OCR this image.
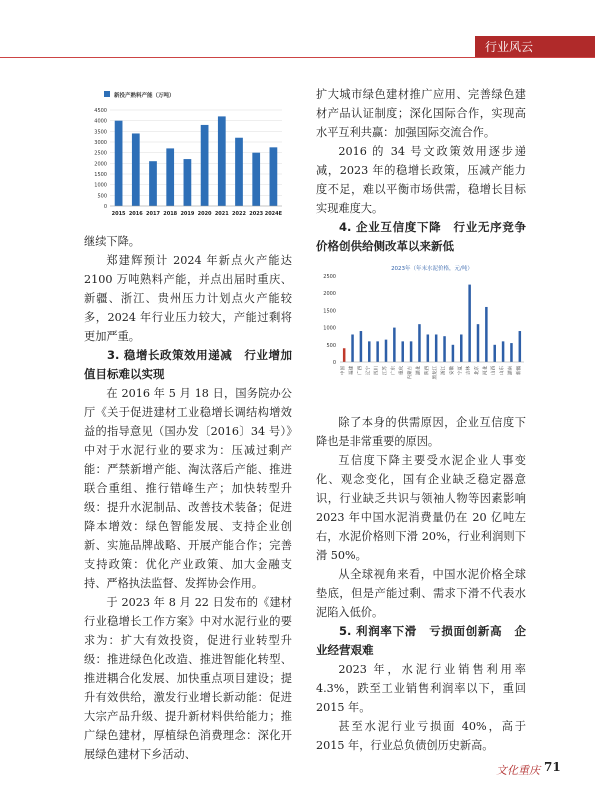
行业风云
新投产熟料产能（万吨）
0
500
1000
1500
2000
2500
3000
3500
4000
4500
2015 2016 2017 2018 2019 2020 2021 2022 2023 2024E

继续下降。

郑建辉预计 2024 年新点火产能达 2100 万吨熟料产能，并点出届时重庆、新疆、浙江、贵州压力计划点火产能较多，2024 年行业压力较大，产能过剩将更加严重。

3. 稳增长政策效用递减　行业增加值目标难以实现

在 2016 年 5 月 18 日，国务院办公厅《关于促进建材工业稳增长调结构增效益的指导意见（国办发〔2016〕34 号）》中对于水泥行业的要求为：压减过剩产能：严禁新增产能、淘汰落后产能、推进联合重组、推行错峰生产；加快转型升级：提升水泥制品、改善技术装备；促进降本增效：绿色智能发展、支持企业创新、实施品牌战略、开展产能合作；完善支持政策：优化产业政策、加大金融支持、严格执法监督、发挥协会作用。

于 2023 年 8 月 22 日发布的《建材行业稳增长工作方案》中对水泥行业的要求为：扩大有效投资，促进行业转型升级：推进绿色化改造、推进智能化转型、推进耦合化发展、加快重点项目建设；提升有效供给，激发行业增长新动能：促进大宗产品升级、提升新材料供给能力；推广绿色建材，厚植绿色消费理念：深化开展绿色建材下乡活动、

扩大城市绿色建材推广应用、完善绿色建材产品认证制度；深化国际合作，实现高水平互利共赢：加强国际交流合作。

2016 的 34 号文政策效用逐步递减，2023 年的稳增长政策，压减产能力度不足，难以平衡市场供需，稳增长目标实现难度大。

4. 企业互信度下降　行业无序竞争　价格创供给侧改革以来新低
2023年（年末水泥价格，元/吨）
0
500
1000
1500
2000
2500
中国 福建 广西 辽宁 四川 江苏 广东 重庆 内蒙古 湖北 陕西 黑龙江 浙江 安徽 宁夏 吉林 北京 河北 山西 山东 湖南 新疆

除了本身的供需原因，企业互信度下降也是非常重要的原因。

互信度下降主要受水泥企业人事变化、观念变化，国有企业缺乏稳定器意识，行业缺乏共识与领袖人物等因素影响 2023 年中国水泥消费量仍在 20 亿吨左右，水泥价格则下滑 20%，行业利润则下滑 50%。

从全球视角来看，中国水泥价格全球垫底，但是产能过剩、需求下滑不代表水泥陷入低价。

5. 利润率下滑　亏损面创新高　企业经营艰难

2023 年，水泥行业销售利用率 4.3%，跌至工业销售利润率以下，重回 2015 年。

甚至水泥行业亏损面 40%，高于 2015 年，行业总负债创历史新高。

文化重庆 71
